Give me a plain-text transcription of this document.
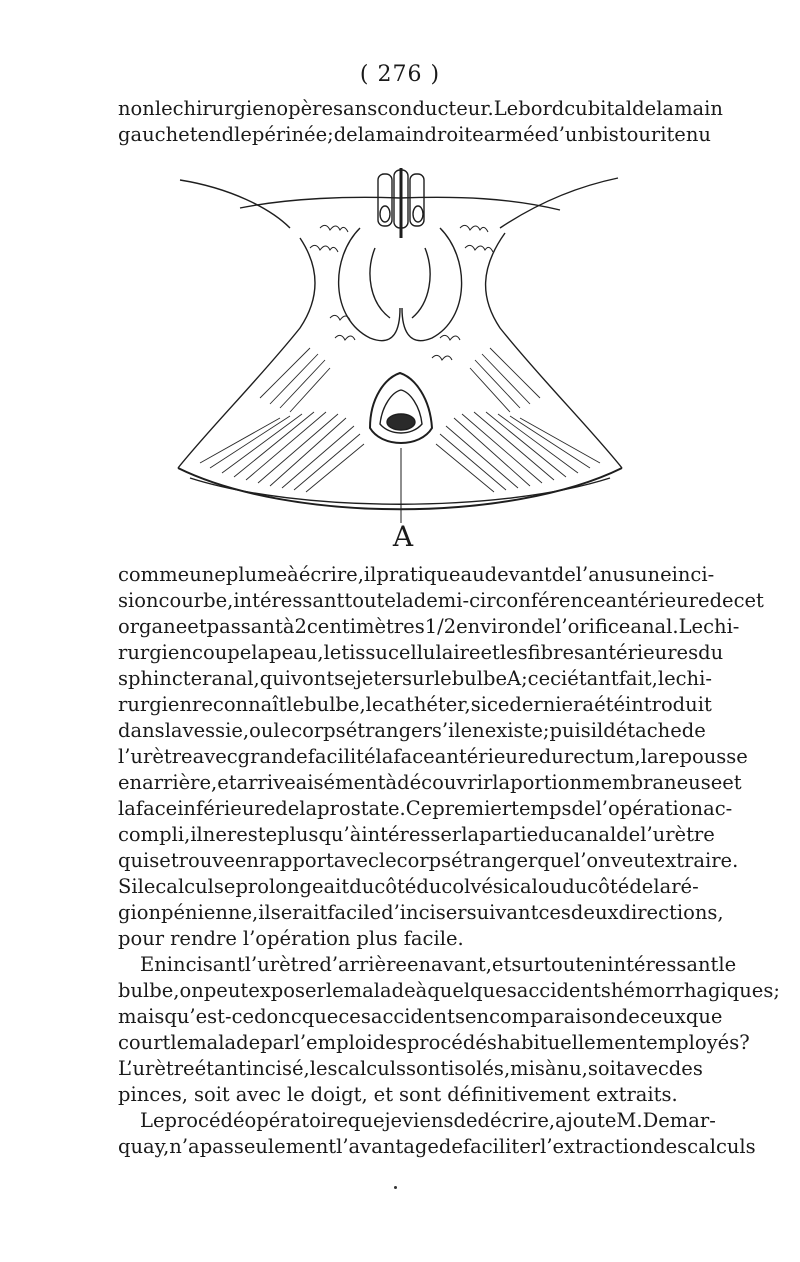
( 276 )
non le chirurgien opère sans conducteur. Le bord cubital de la main
gauche tend le périnée ; de la main droite armée d’un bistouri tenu
A
comme une plume à écrire , il pratique au devant de l’anus une inci-
sion courbe, intéressant toute la demi-circonférence antérieure de cet
organe et passant à 2 centimètres 1/2 environ de l’orifice anal. Le chi-
rurgien coupe la peau, le tissu cellulaire et les fibres antérieures du
sphincter anal, qui vont se jeter sur le bulbe A ; ceci étant fait, le chi-
rurgien reconnaît le bulbe, le cathéter, si ce dernier a été introduit
dans la vessie, ou le corps étranger s’il en existe ; puis il détache de
l’urètre avec grande facilité la face antérieure du rectum, la repousse
en arrière, et arrive aisément à découvrir la portion membraneuse et
la face inférieure de la prostate. Ce premier temps de l’opération ac-
compli, il ne reste plus qu’à intéresser la partie du canal de l’urètre
qui se trouve en rapport avec le corps étranger que l’on veut extraire.
Si le calcul se prolongeait du côté du col vésical ou du côté de la ré-
gion pénienne, il serait facile d’inciser suivant ces deux directions,
pour rendre l’opération plus facile.
En incisant l’urètre d’arrière en avant, et surtout en intéressant le
bulbe, on peut exposer le malade à quelques accidents hémorrhagiques ;
mais qu’est-ce donc que ces accidents en comparaison de ceux que
court le malade par l’emploi des procédés habituellement employés ?
L’urètre étant incisé, les calculs sont isolés , mis à nu , soit avec des
pinces, soit avec le doigt, et sont définitivement extraits.
Le procédé opératoire que je viens de décrire, ajoute M. Demar-
quay, n’a pas seulement l’avantage de faciliter l’extraction des calculs
